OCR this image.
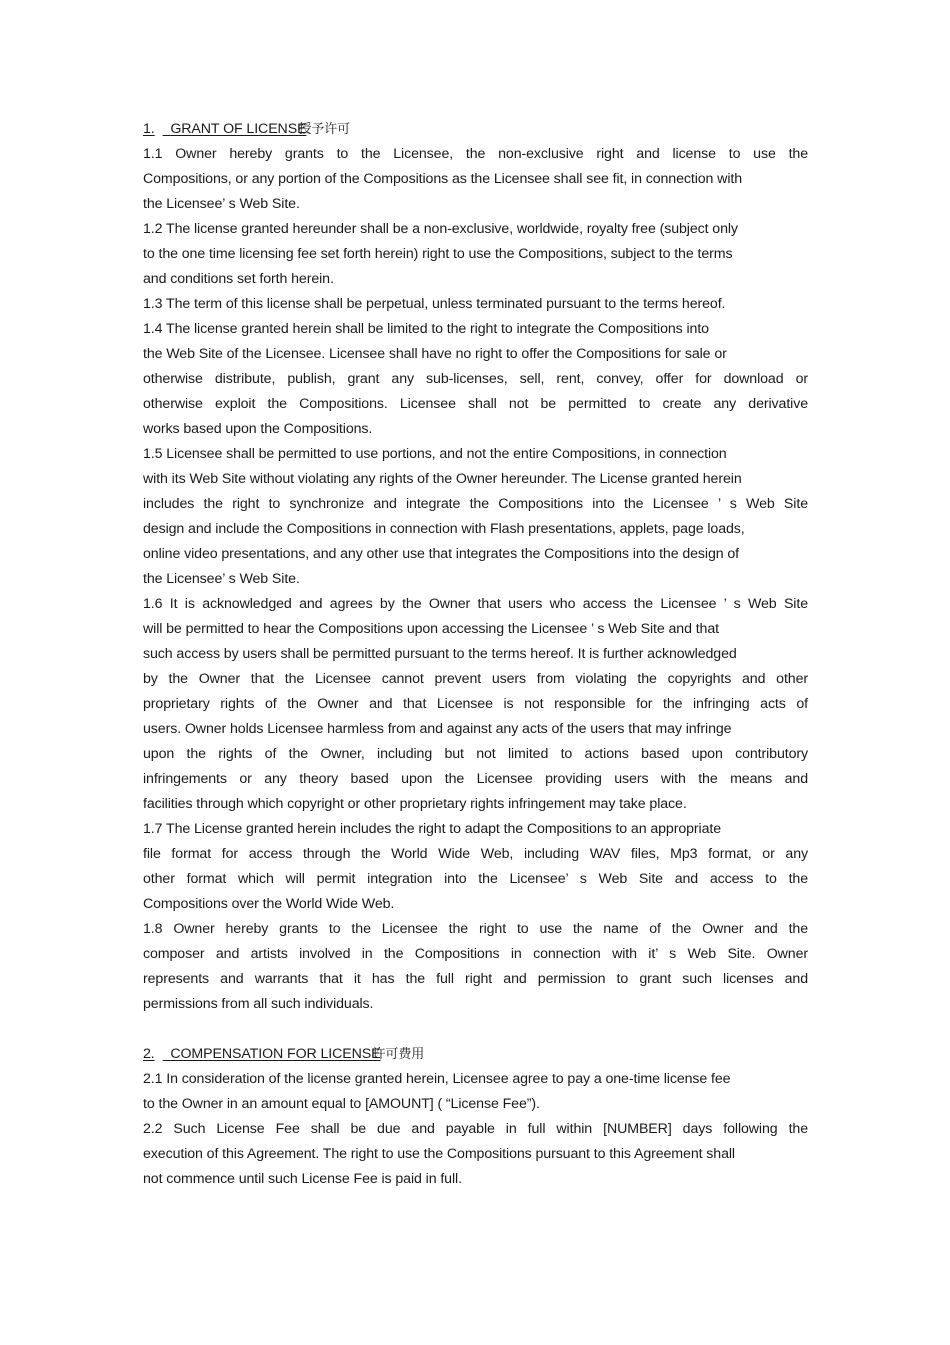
1. GRANT OF LICENSE授予许可
1.1 Owner hereby grants to the Licensee, the non-exclusive right and license to use the
Compositions, or any portion of the Compositions as the Licensee shall see fit, in connection with
the Licensee’ s Web Site.
1.2 The license granted hereunder shall be a non-exclusive, worldwide, royalty free (subject only
to the one time licensing fee set forth herein) right to use the Compositions, subject to the terms
and conditions set forth herein.
1.3 The term of this license shall be perpetual, unless terminated pursuant to the terms hereof.
1.4 The license granted herein shall be limited to the right to integrate the Compositions into
the Web Site of the Licensee. Licensee shall have no right to offer the Compositions for sale or
otherwise distribute, publish, grant any sub-licenses, sell, rent, convey, offer for download or
otherwise exploit the Compositions. Licensee shall not be permitted to create any derivative
works based upon the Compositions.
1.5 Licensee shall be permitted to use portions, and not the entire Compositions, in connection
with its Web Site without violating any rights of the Owner hereunder. The License granted herein
includes the right to synchronize and integrate the Compositions into the Licensee ’ s Web Site
design and include the Compositions in connection with Flash presentations, applets, page loads,
online video presentations, and any other use that integrates the Compositions into the design of
the Licensee’ s Web Site.
1.6 It is acknowledged and agrees by the Owner that users who access the Licensee ’ s Web Site
will be permitted to hear the Compositions upon accessing the Licensee ’ s Web Site and that
such access by users shall be permitted pursuant to the terms hereof. It is further acknowledged
by the Owner that the Licensee cannot prevent users from violating the copyrights and other
proprietary rights of the Owner and that Licensee is not responsible for the infringing acts of
users. Owner holds Licensee harmless from and against any acts of the users that may infringe
upon the rights of the Owner, including but not limited to actions based upon contributory
infringements or any theory based upon the Licensee providing users with the means and
facilities through which copyright or other proprietary rights infringement may take place.
1.7 The License granted herein includes the right to adapt the Compositions to an appropriate
file format for access through the World Wide Web, including WAV files, Mp3 format, or any
other format which will permit integration into the Licensee’ s Web Site and access to the
Compositions over the World Wide Web.
1.8 Owner hereby grants to the Licensee the right to use the name of the Owner and the
composer and artists involved in the Compositions in connection with it’ s Web Site. Owner
represents and warrants that it has the full right and permission to grant such licenses and
permissions from all such individuals.
2. COMPENSATION FOR LICENSE许可费用
2.1 In consideration of the license granted herein, Licensee agree to pay a one-time license fee
to the Owner in an amount equal to [AMOUNT] ( “License Fee”).
2.2 Such License Fee shall be due and payable in full within [NUMBER] days following the
execution of this Agreement. The right to use the Compositions pursuant to this Agreement shall
not commence until such License Fee is paid in full.
